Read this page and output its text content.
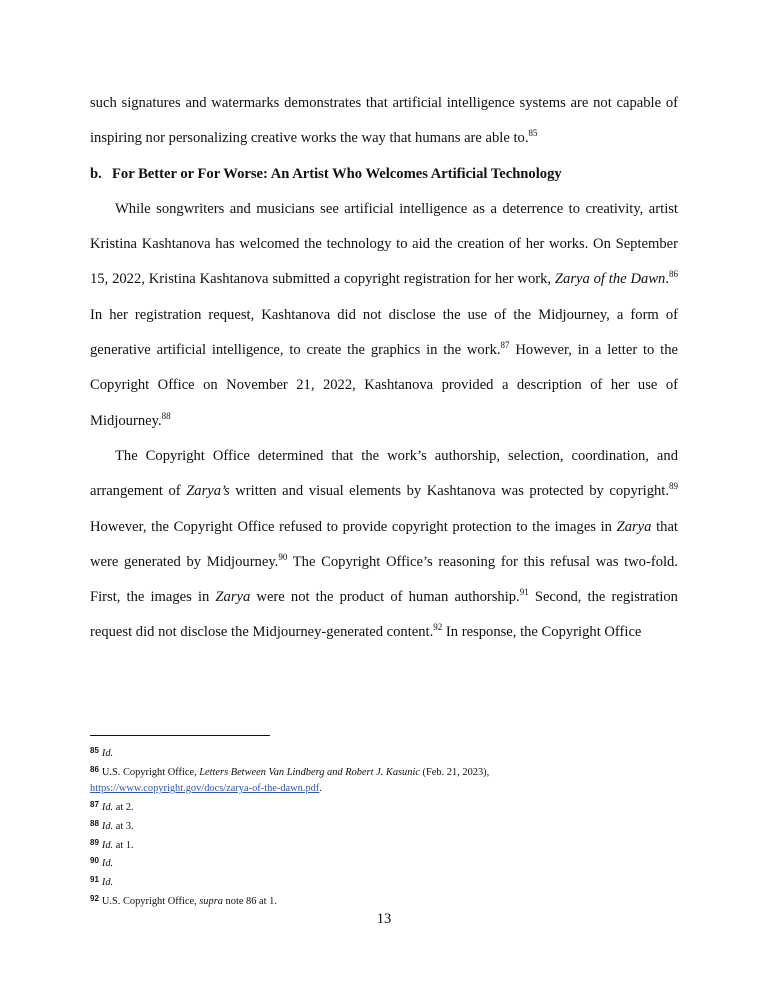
such signatures and watermarks demonstrates that artificial intelligence systems are not capable of inspiring nor personalizing creative works the way that humans are able to.$^{85}$

b. For Better or For Worse: An Artist Who Welcomes Artificial Technology

While songwriters and musicians see artificial intelligence as a deterrence to creativity, artist Kristina Kashtanova has welcomed the technology to aid the creation of her works. On September 15, 2022, Kristina Kashtanova submitted a copyright registration for her work, Zarya of the Dawn.$^{86}$ In her registration request, Kashtanova did not disclose the use of the Midjourney, a form of generative artificial intelligence, to create the graphics in the work.$^{87}$ However, in a letter to the Copyright Office on November 21, 2022, Kashtanova provided a description of her use of Midjourney.$^{88}$

The Copyright Office determined that the work’s authorship, selection, coordination, and arrangement of Zarya’s written and visual elements by Kashtanova was protected by copyright.$^{89}$ However, the Copyright Office refused to provide copyright protection to the images in Zarya that were generated by Midjourney.$^{90}$ The Copyright Office’s reasoning for this refusal was two-fold. First, the images in Zarya were not the product of human authorship.$^{91}$ Second, the registration request did not disclose the Midjourney-generated content.$^{92}$ In response, the Copyright Office

$^{85}$ Id.

$^{86}$ U.S. Copyright Office, Letters Between Van Lindberg and Robert J. Kasunic (Feb. 21, 2023),
https://www.copyright.gov/docs/zarya-of-the-dawn.pdf.

$^{87}$ Id. at 2.

$^{88}$ Id. at 3.

$^{89}$ Id. at 1.

$^{90}$ Id.

$^{91}$ Id.

$^{92}$ U.S. Copyright Office, supra note 86 at 1.

13
